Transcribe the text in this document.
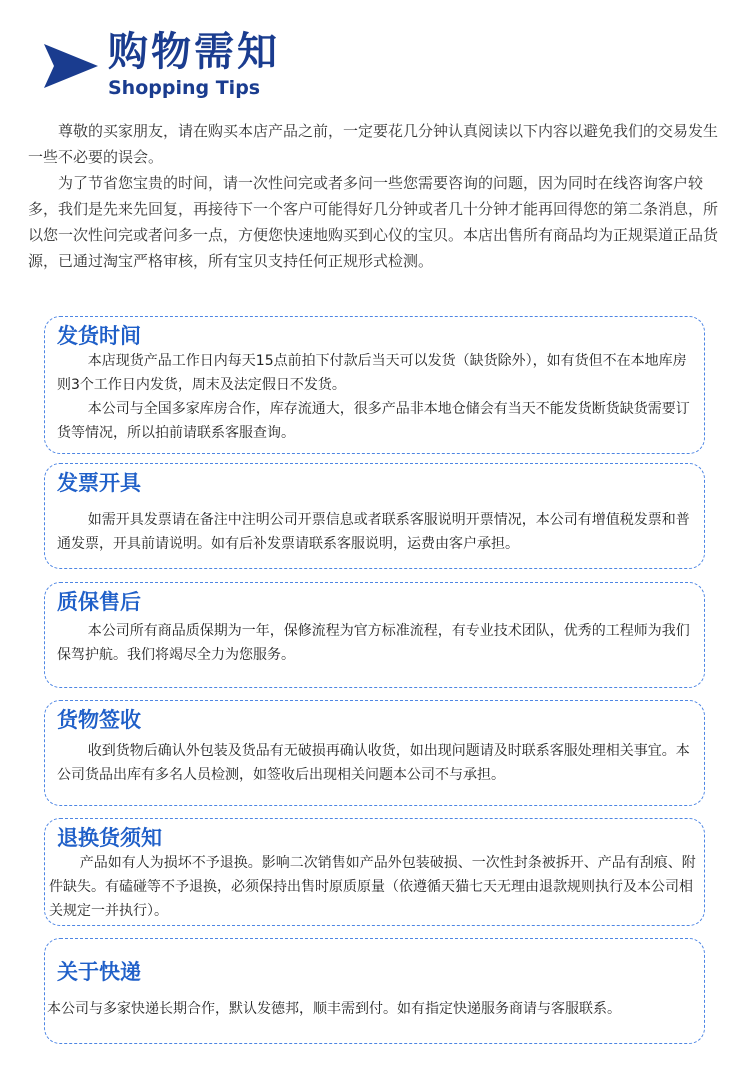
购物需知
Shopping Tips

尊敬的买家朋友，请在购买本店产品之前，一定要花几分钟认真阅读以下内容以避免我们的交易发生一些不必要的误会。

为了节省您宝贵的时间，请一次性问完或者多问一些您需要咨询的问题，因为同时在线咨询客户较多，我们是先来先回复，再接待下一个客户可能得好几分钟或者几十分钟才能再回得您的第二条消息，所以您一次性问完或者问多一点，方便您快速地购买到心仪的宝贝。本店出售所有商品均为正规渠道正品货源，已通过淘宝严格审核，所有宝贝支持任何正规形式检测。

发货时间

本店现货产品工作日内每天15点前拍下付款后当天可以发货（缺货除外），如有货但不在本地库房则3个工作日内发货，周末及法定假日不发货。

本公司与全国多家库房合作，库存流通大，很多产品非本地仓储会有当天不能发货断货缺货需要订货等情况，所以拍前请联系客服查询。

发票开具

如需开具发票请在备注中注明公司开票信息或者联系客服说明开票情况，本公司有增值税发票和普通发票，开具前请说明。如有后补发票请联系客服说明，运费由客户承担。

质保售后

本公司所有商品质保期为一年，保修流程为官方标准流程，有专业技术团队，优秀的工程师为我们保驾护航。我们将竭尽全力为您服务。

货物签收

收到货物后确认外包装及货品有无破损再确认收货，如出现问题请及时联系客服处理相关事宜。本公司货品出库有多名人员检测，如签收后出现相关问题本公司不与承担。

退换货须知

产品如有人为损坏不予退换。影响二次销售如产品外包装破损、一次性封条被拆开、产品有刮痕、附件缺失。有磕碰等不予退换，必须保持出售时原质原量（依遵循天猫七天无理由退款规则执行及本公司相关规定一并执行）。

关于快递

本公司与多家快递长期合作，默认发德邦，顺丰需到付。如有指定快递服务商请与客服联系。
